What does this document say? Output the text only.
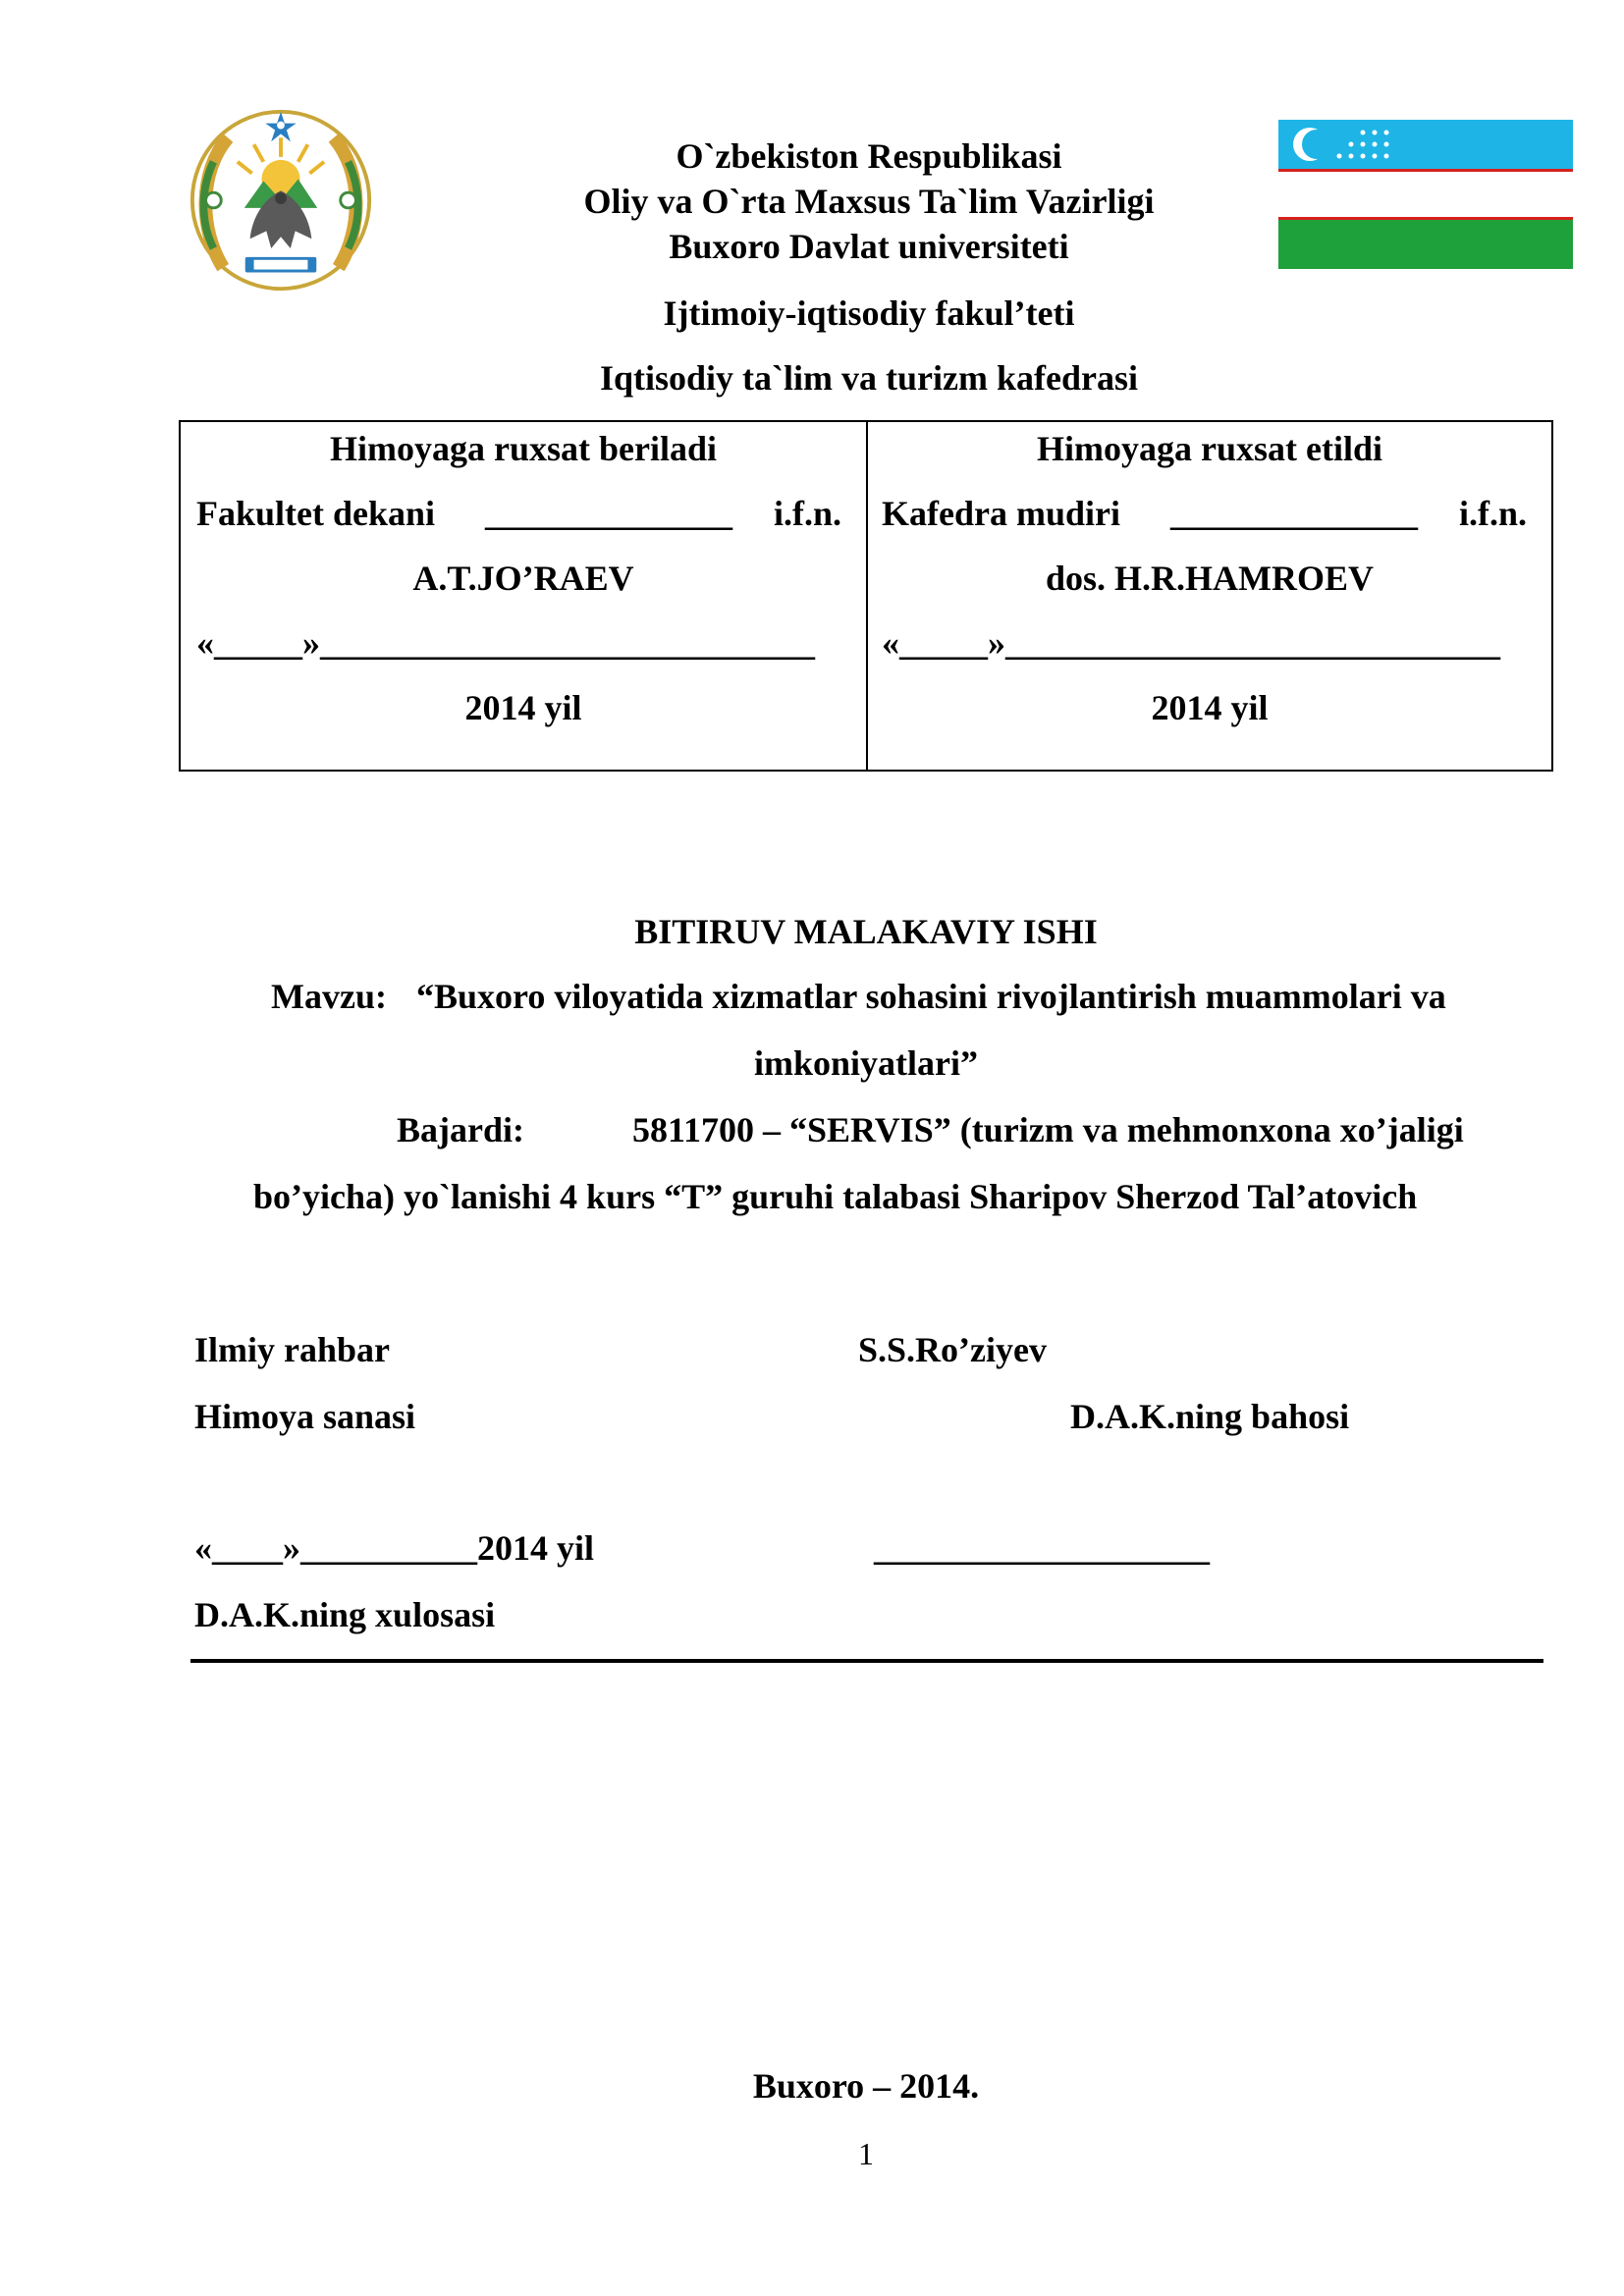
O`zbekiston Respublikasi
Oliy va O`rta Maxsus Ta`lim Vazirligi
Buxoro Davlat universiteti
Ijtimoiy-iqtisodiy fakul’teti
Iqtisodiy ta`lim va turizm kafedrasi
Himoyaga ruxsat beriladi
Fakultet dekani ______________ i.f.n.
A.T.JO’RAEV
«_____»____________________________
2014 yil
Himoyaga ruxsat etildi
Kafedra mudiri ______________ i.f.n.
dos. H.R.HAMROEV
«_____»____________________________
2014 yil
BITIRUV MALAKAVIY ISHI
Mavzu: “Buxoro viloyatida xizmatlar sohasini rivojlantirish muammolari va
imkoniyatlari”
Bajardi:	5811700 – “SERVIS” (turizm va mehmonxona xo’jaligi
bo’yicha) yo`lanishi 4 kurs “T” guruhi talabasi Sharipov Sherzod Tal’atovich
Ilmiy rahbar	S.S.Ro’ziyev
Himoya sanasi	D.A.K.ning bahosi
«____»__________2014 yil	___________________
D.A.K.ning xulosasi
Buxoro – 2014.
1
